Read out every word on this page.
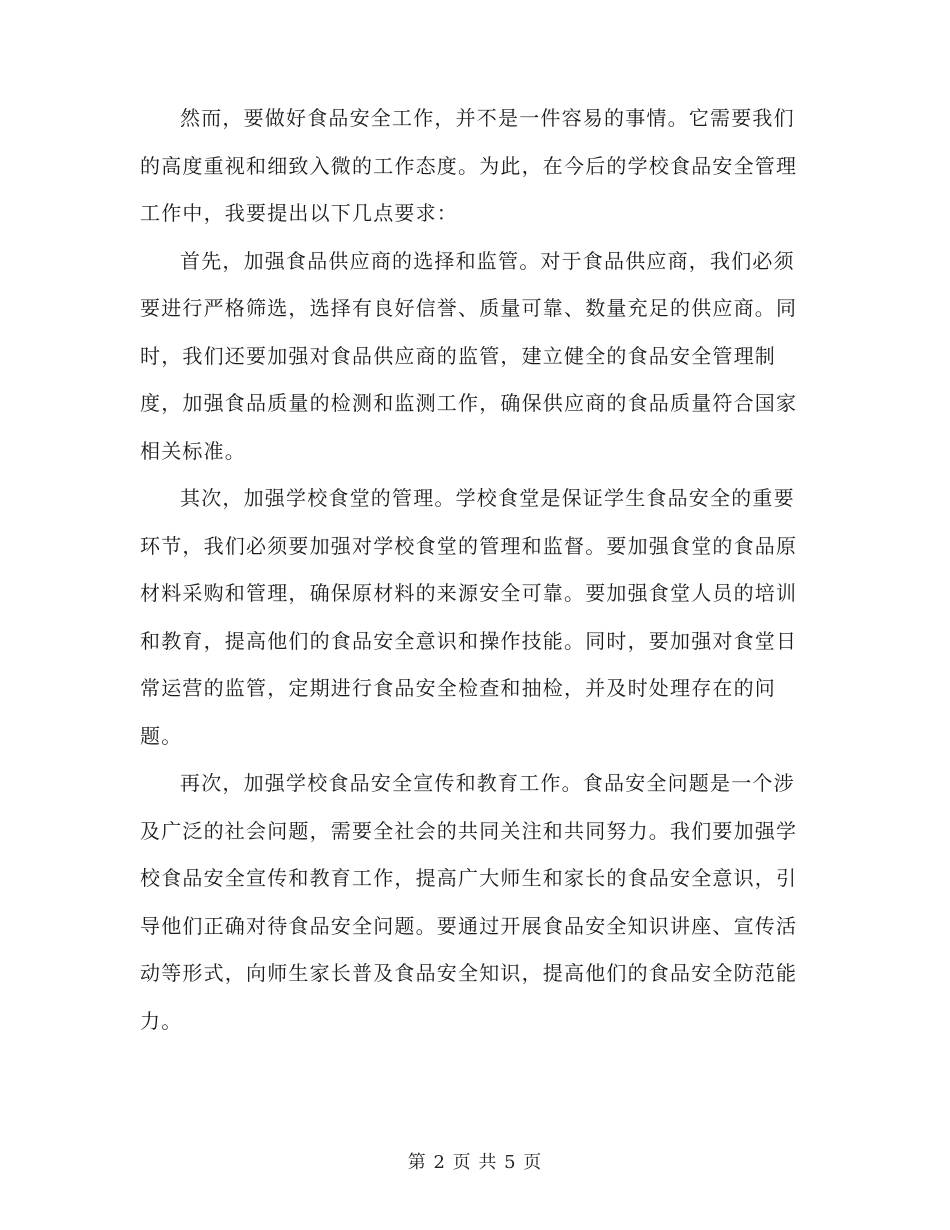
然而，要做好食品安全工作，并不是一件容易的事情。它需要我们的高度重视和细致入微的工作态度。为此，在今后的学校食品安全管理工作中，我要提出以下几点要求：

首先，加强食品供应商的选择和监管。对于食品供应商，我们必须要进行严格筛选，选择有良好信誉、质量可靠、数量充足的供应商。同时，我们还要加强对食品供应商的监管，建立健全的食品安全管理制度，加强食品质量的检测和监测工作，确保供应商的食品质量符合国家相关标准。

其次，加强学校食堂的管理。学校食堂是保证学生食品安全的重要环节，我们必须要加强对学校食堂的管理和监督。要加强食堂的食品原材料采购和管理，确保原材料的来源安全可靠。要加强食堂人员的培训和教育，提高他们的食品安全意识和操作技能。同时，要加强对食堂日常运营的监管，定期进行食品安全检查和抽检，并及时处理存在的问题。

再次，加强学校食品安全宣传和教育工作。食品安全问题是一个涉及广泛的社会问题，需要全社会的共同关注和共同努力。我们要加强学校食品安全宣传和教育工作，提高广大师生和家长的食品安全意识，引导他们正确对待食品安全问题。要通过开展食品安全知识讲座、宣传活动等形式，向师生家长普及食品安全知识，提高他们的食品安全防范能力。

第 2 页 共 5 页
